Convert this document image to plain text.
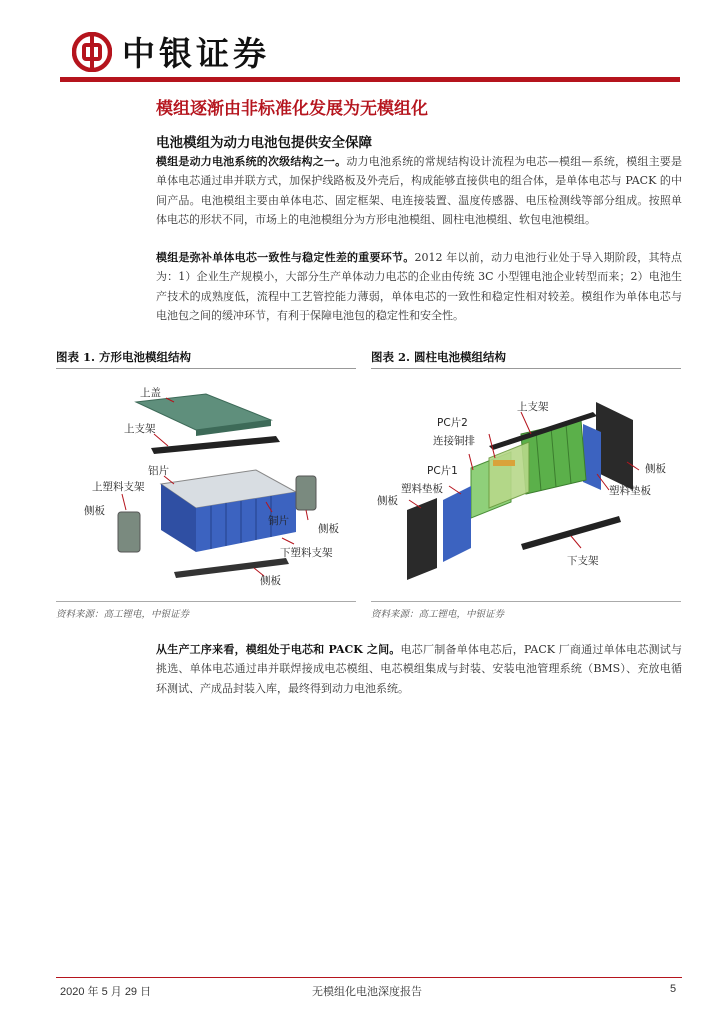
中银证券
模组逐渐由非标准化发展为无模组化
电池模组为动力电池包提供安全保障

模组是动力电池系统的次级结构之一。动力电池系统的常规结构设计流程为电芯—模组—系统，模组主要是单体电芯通过串并联方式，加保护线路板及外壳后，构成能够直接供电的组合体，是单体电芯与 PACK 的中间产品。电池模组主要由单体电芯、固定框架、电连接装置、温度传感器、电压检测线等部分组成。按照单体电芯的形状不同，市场上的电池模组分为方形电池模组、圆柱电池模组、软包电池模组。

模组是弥补单体电芯一致性与稳定性差的重要环节。2012 年以前，动力电池行业处于导入期阶段，其特点为：1）企业生产规模小，大部分生产单体动力电芯的企业由传统 3C 小型锂电池企业转型而来；2）电池生产技术的成熟度低，流程中工艺管控能力薄弱，单体电芯的一致性和稳定性相对较差。模组作为单体电芯与电池包之间的缓冲环节，有利于保障电池包的稳定性和安全性。

图表 1. 方形电池模组结构
上盖
上支架
铝片
上塑料支架
侧板
铜片
侧板
下塑料支架
侧板
资料来源：高工锂电，中银证券
图表 2. 圆柱电池模组结构
上支架
PC片2
连接铜排
PC片1
塑料垫板
侧板
侧板
塑料垫板
下支架
资料来源：高工锂电，中银证券

从生产工序来看，模组处于电芯和 PACK 之间。电芯厂制备单体电芯后，PACK 厂商通过单体电芯测试与挑选、单体电芯通过串并联焊接成电芯模组、电芯模组集成与封装、安装电池管理系统（BMS）、充放电循环测试、产成品封装入库，最终得到动力电池系统。

2020 年 5 月 29 日	无模组化电池深度报告	5
